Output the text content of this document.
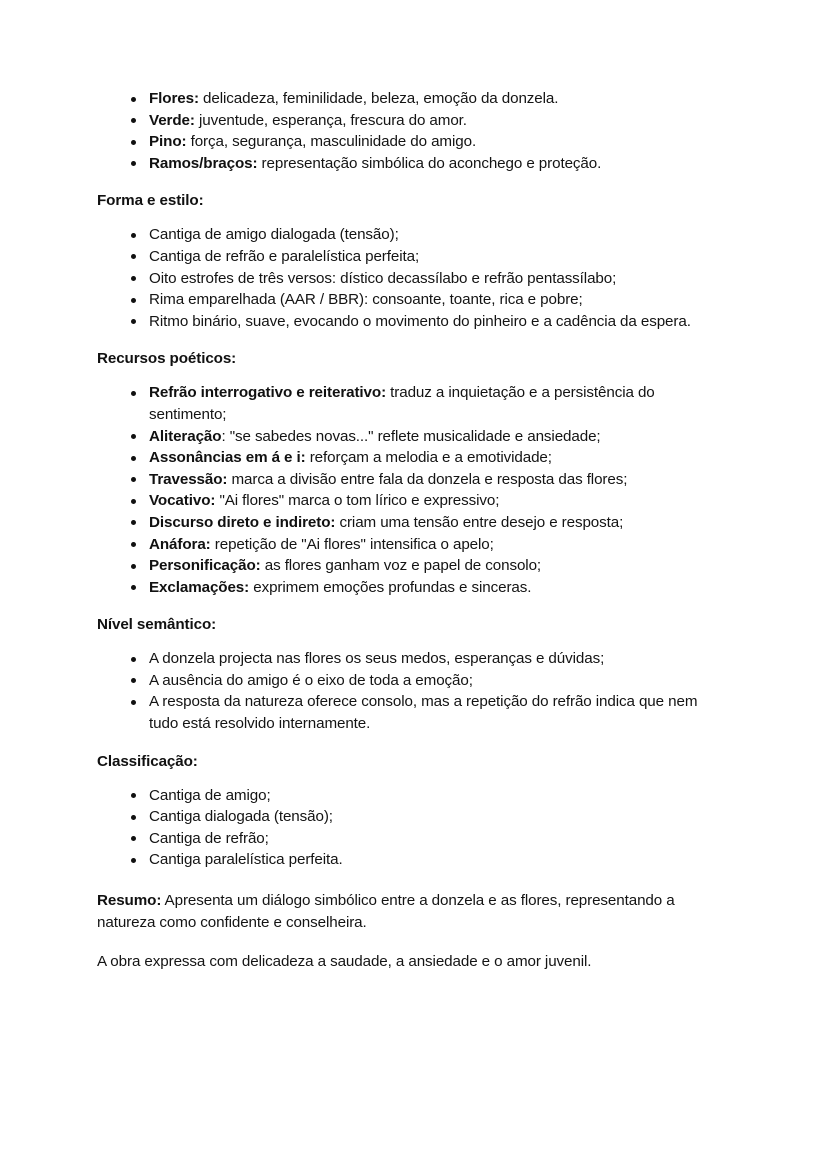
Flores: delicadeza, feminilidade, beleza, emoção da donzela.
Verde: juventude, esperança, frescura do amor.
Pino: força, segurança, masculinidade do amigo.
Ramos/braços: representação simbólica do aconchego e proteção.
Forma e estilo:
Cantiga de amigo dialogada (tensão);
Cantiga de refrão e paralelística perfeita;
Oito estrofes de três versos: dístico decassílabo e refrão pentassílabo;
Rima emparelhada (AAR / BBR): consoante, toante, rica e pobre;
Ritmo binário, suave, evocando o movimento do pinheiro e a cadência da espera.
Recursos poéticos:
Refrão interrogativo e reiterativo: traduz a inquietação e a persistência do sentimento;
Aliteração: "se sabedes novas..." reflete musicalidade e ansiedade;
Assonâncias em á e i: reforçam a melodia e a emotividade;
Travessão: marca a divisão entre fala da donzela e resposta das flores;
Vocativo: "Ai flores" marca o tom lírico e expressivo;
Discurso direto e indireto: criam uma tensão entre desejo e resposta;
Anáfora: repetição de "Ai flores" intensifica o apelo;
Personificação: as flores ganham voz e papel de consolo;
Exclamações: exprimem emoções profundas e sinceras.
Nível semântico:
A donzela projecta nas flores os seus medos, esperanças e dúvidas;
A ausência do amigo é o eixo de toda a emoção;
A resposta da natureza oferece consolo, mas a repetição do refrão indica que nem tudo está resolvido internamente.
Classificação:
Cantiga de amigo;
Cantiga dialogada (tensão);
Cantiga de refrão;
Cantiga paralelística perfeita.

Resumo: Apresenta um diálogo simbólico entre a donzela e as flores, representando a natureza como confidente e conselheira.

A obra expressa com delicadeza a saudade, a ansiedade e o amor juvenil.
